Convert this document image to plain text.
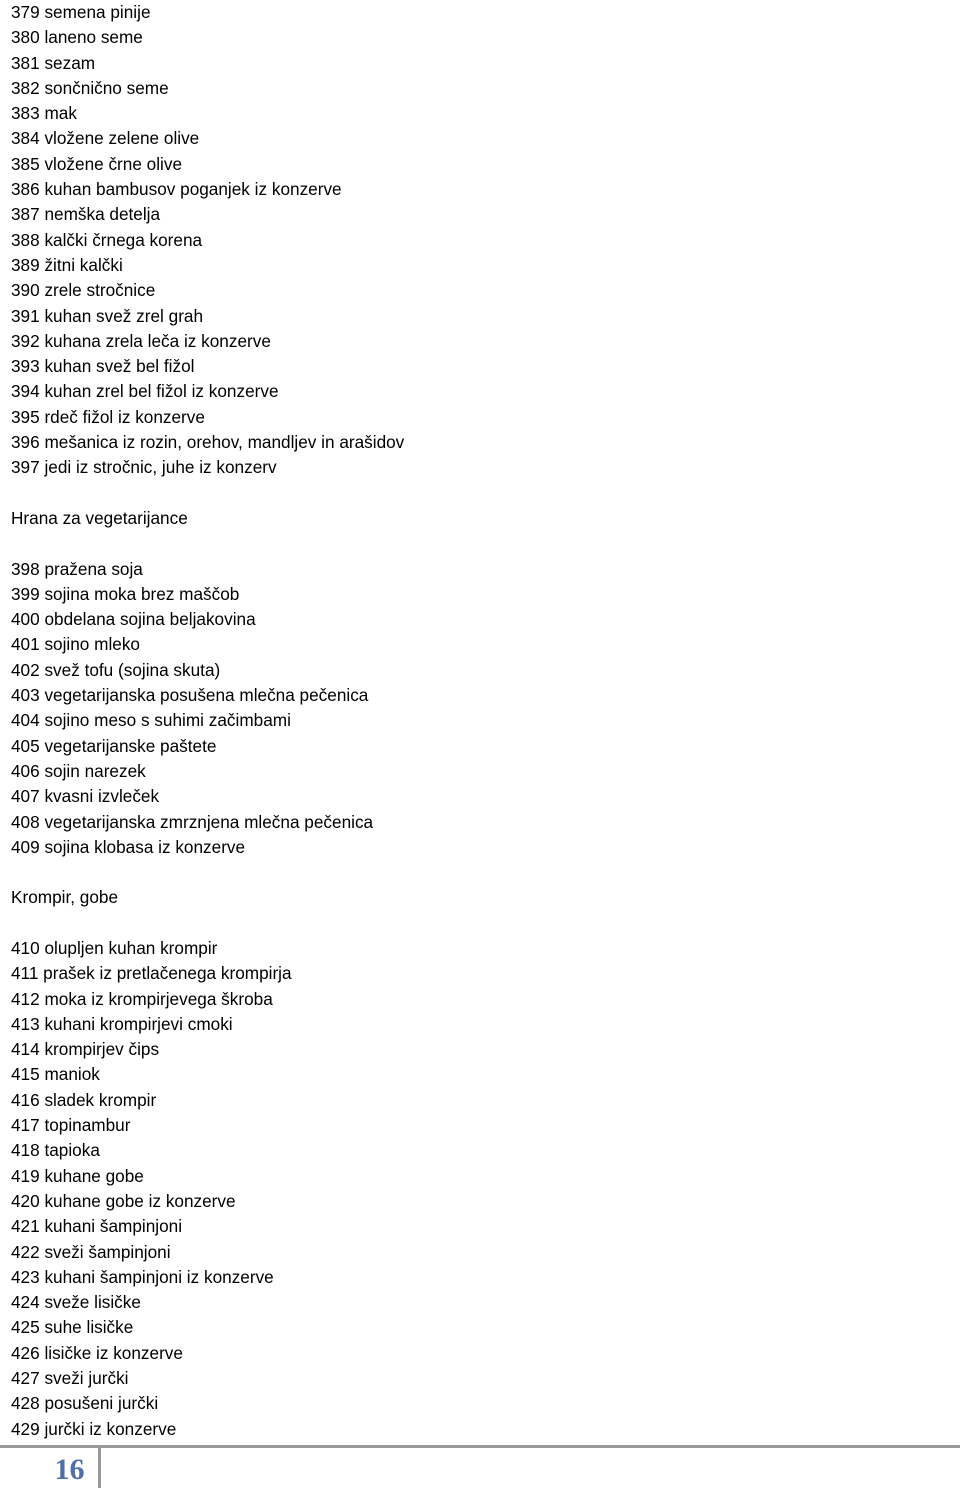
379 semena pinije
380 laneno seme
381 sezam
382 sončnično seme
383 mak
384 vložene zelene olive
385 vložene črne olive
386 kuhan bambusov poganjek iz konzerve
387 nemška detelja
388 kalčki črnega korena
389 žitni kalčki
390 zrele stročnice
391 kuhan svež zrel grah
392 kuhana zrela leča iz konzerve
393 kuhan svež bel fižol
394 kuhan zrel bel fižol iz konzerve
395 rdeč fižol iz konzerve
396 mešanica iz rozin, orehov, mandljev in arašidov
397 jedi iz stročnic, juhe iz konzerv
Hrana za vegetarijance
398 pražena soja
399 sojina moka brez maščob
400 obdelana sojina beljakovina
401 sojino mleko
402 svež tofu (sojina skuta)
403 vegetarijanska posušena mlečna pečenica
404 sojino meso s suhimi začimbami
405 vegetarijanske paštete
406 sojin narezek
407 kvasni izvleček
408 vegetarijanska zmrznjena mlečna pečenica
409 sojina klobasa iz konzerve
Krompir, gobe
410 olupljen kuhan krompir
411 prašek iz pretlačenega krompirja
412 moka iz krompirjevega škroba
413 kuhani krompirjevi cmoki
414 krompirjev čips
415 maniok
416 sladek krompir
417 topinambur
418 tapioka
419 kuhane gobe
420 kuhane gobe iz konzerve
421 kuhani šampinjoni
422 sveži šampinjoni
423 kuhani šampinjoni iz konzerve
424 sveže lisičke
425 suhe lisičke
426 lisičke iz konzerve
427 sveži jurčki
428 posušeni jurčki
429 jurčki iz konzerve
16
